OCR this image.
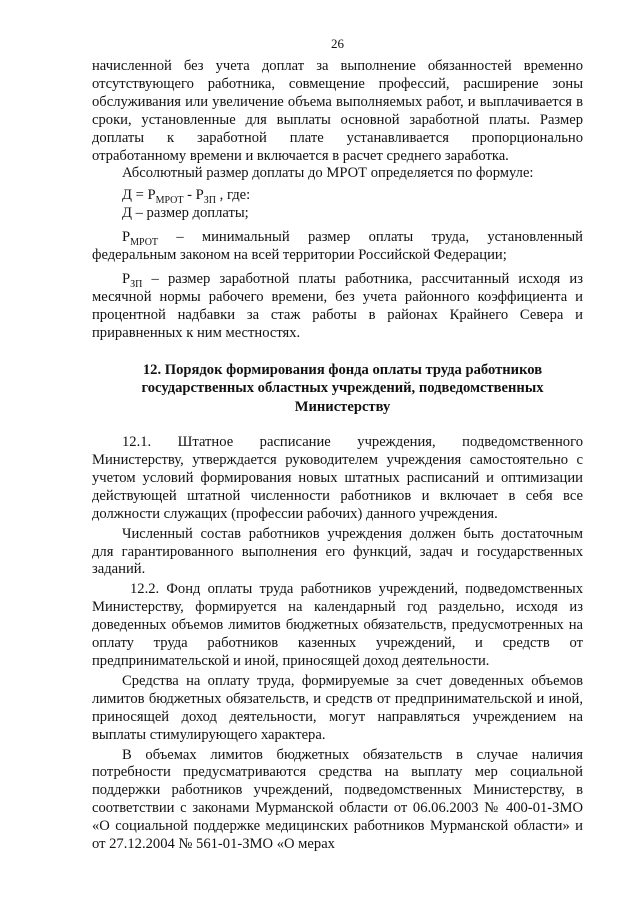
26

начисленной без учета доплат за выполнение обязанностей временно отсутствующего работника, совмещение профессий, расширение зоны обслуживания или увеличение объема выполняемых работ, и выплачивается в сроки, установленные для выплаты основной заработной платы. Размер доплаты к заработной плате устанавливается пропорционально отработанному времени и включается в расчет среднего заработка.

Абсолютный размер доплаты до МРОТ определяется по формуле:

$Д = Р_{МРОТ} - Р_{ЗП}$ , где:

Д – размер доплаты;

$Р_{МРОТ}$ – минимальный размер оплаты труда, установленный федеральным законом на всей территории Российской Федерации;

$Р_{ЗП}$ – размер заработной платы работника, рассчитанный исходя из месячной нормы рабочего времени, без учета районного коэффициента и процентной надбавки за стаж работы в районах Крайнего Севера и приравненных к ним местностях.

12. Порядок формирования фонда оплаты труда работников государственных областных учреждений, подведомственных Министерству

12.1. Штатное расписание учреждения, подведомственного Министерству, утверждается руководителем учреждения самостоятельно с учетом условий формирования новых штатных расписаний и оптимизации действующей штатной численности работников и включает в себя все должности служащих (профессии рабочих) данного учреждения.

Численный состав работников учреждения должен быть достаточным для гарантированного выполнения его функций, задач и государственных заданий.

12.2. Фонд оплаты труда работников учреждений, подведомственных Министерству, формируется на календарный год раздельно, исходя из доведенных объемов лимитов бюджетных обязательств, предусмотренных на оплату труда работников казенных учреждений, и средств от предпринимательской и иной, приносящей доход деятельности.

Средства на оплату труда, формируемые за счет доведенных объемов лимитов бюджетных обязательств, и средств от предпринимательской и иной, приносящей доход деятельности, могут направляться учреждением на выплаты стимулирующего характера.

В объемах лимитов бюджетных обязательств в случае наличия потребности предусматриваются средства на выплату мер социальной поддержки работников учреждений, подведомственных Министерству, в соответствии с законами Мурманской области от 06.06.2003 № 400-01-ЗМО «О социальной поддержке медицинских работников Мурманской области» и от 27.12.2004 № 561-01-ЗМО «О мерах
